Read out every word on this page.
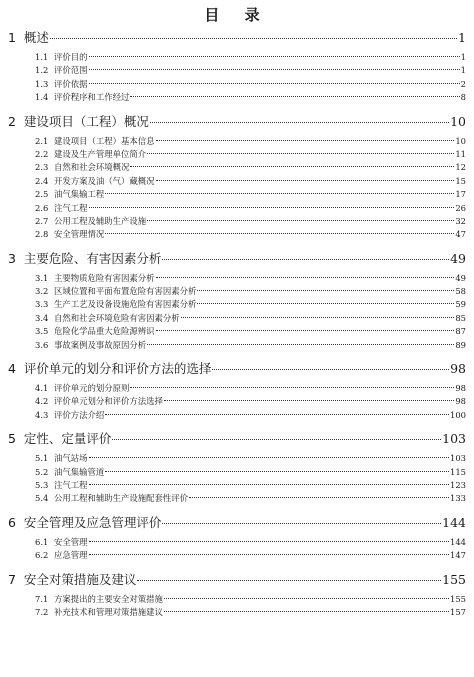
目 录
1 概述	1
1.1 评价目的	1
1.2 评价范围	1
1.3 评价依据	2
1.4 评价程序和工作经过	8
2 建设项目（工程）概况	10
2.1 建设项目（工程）基本信息	10
2.2 建设及生产管理单位简介	11
2.3 自然和社会环境概况	12
2.4 开发方案及油（气）藏概况	15
2.5 油气集输工程	17
2.6 注气工程	26
2.7 公用工程及辅助生产设施	32
2.8 安全管理情况	47
3 主要危险、有害因素分析	49
3.1 主要物质危险有害因素分析	49
3.2 区域位置和平面布置危险有害因素分析	58
3.3 生产工艺及设备设施危险有害因素分析	59
3.4 自然和社会环境危险有害因素分析	85
3.5 危险化学品重大危险源辨识	87
3.6 事故案例及事故原因分析	89
4 评价单元的划分和评价方法的选择	98
4.1 评价单元的划分原则	98
4.2 评价单元划分和评价方法选择	98
4.3 评价方法介绍	100
5 定性、定量评价	103
5.1 油气站场	103
5.2 油气集输管道	115
5.3 注气工程	123
5.4 公用工程和辅助生产设施配套性评价	133
6 安全管理及应急管理评价	144
6.1 安全管理	144
6.2 应急管理	147
7 安全对策措施及建议	155
7.1 方案提出的主要安全对策措施	155
7.2 补充技术和管理对策措施建议	157
